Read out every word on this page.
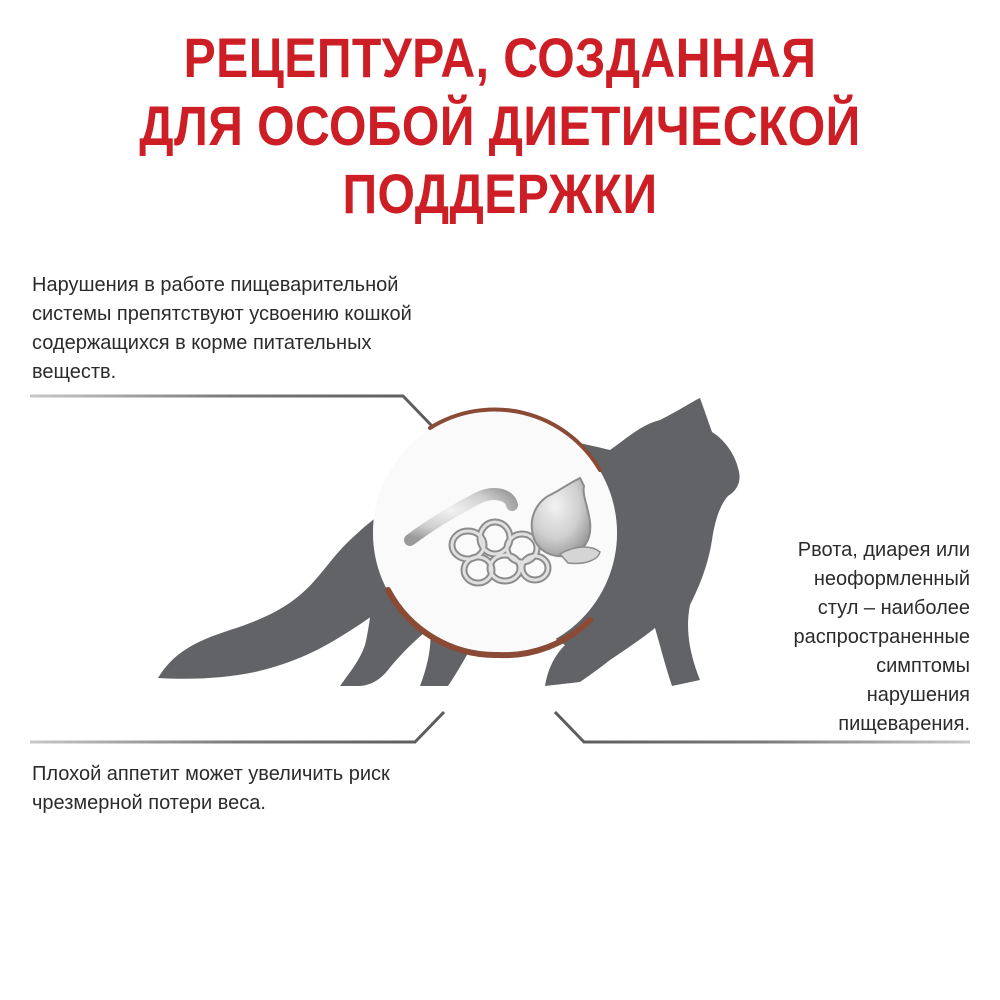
РЕЦЕПТУРА, СОЗДАННАЯ
ДЛЯ ОСОБОЙ ДИЕТИЧЕСКОЙ
ПОДДЕРЖКИ
Нарушения в работе пищеварительной
системы препятствуют усвоению кошкой
содержащихся в корме питательных
веществ.
Рвота, диарея или
неоформленный
стул – наиболее
распространенные
симптомы
нарушения
пищеварения.
Плохой аппетит может увеличить риск
чрезмерной потери веса.
